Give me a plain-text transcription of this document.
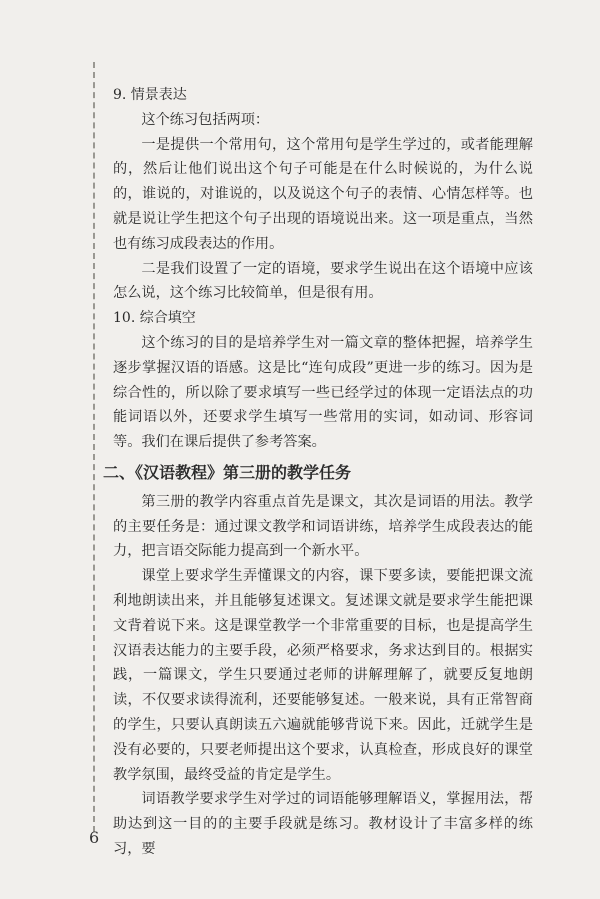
9. 情景表达

这个练习包括两项：

一是提供一个常用句，这个常用句是学生学过的，或者能理解的，然后让他们说出这个句子可能是在什么时候说的，为什么说的，谁说的，对谁说的，以及说这个句子的表情、心情怎样等。也就是说让学生把这个句子出现的语境说出来。这一项是重点，当然也有练习成段表达的作用。

二是我们设置了一定的语境，要求学生说出在这个语境中应该怎么说，这个练习比较简单，但是很有用。

10. 综合填空

这个练习的目的是培养学生对一篇文章的整体把握，培养学生逐步掌握汉语的语感。这是比“连句成段”更进一步的练习。因为是综合性的，所以除了要求填写一些已经学过的体现一定语法点的功能词语以外，还要求学生填写一些常用的实词，如动词、形容词等。我们在课后提供了参考答案。

二、《汉语教程》第三册的教学任务

第三册的教学内容重点首先是课文，其次是词语的用法。教学的主要任务是：通过课文教学和词语讲练，培养学生成段表达的能力，把言语交际能力提高到一个新水平。

课堂上要求学生弄懂课文的内容，课下要多读，要能把课文流利地朗读出来，并且能够复述课文。复述课文就是要求学生能把课文背着说下来。这是课堂教学一个非常重要的目标，也是提高学生汉语表达能力的主要手段，必须严格要求，务求达到目的。根据实践，一篇课文，学生只要通过老师的讲解理解了，就要反复地朗读，不仅要求读得流利，还要能够复述。一般来说，具有正常智商的学生，只要认真朗读五六遍就能够背说下来。因此，迁就学生是没有必要的，只要老师提出这个要求，认真检查，形成良好的课堂教学氛围，最终受益的肯定是学生。

词语教学要求学生对学过的词语能够理解语义，掌握用法，帮助达到这一目的的主要手段就是练习。教材设计了丰富多样的练习，要

6
